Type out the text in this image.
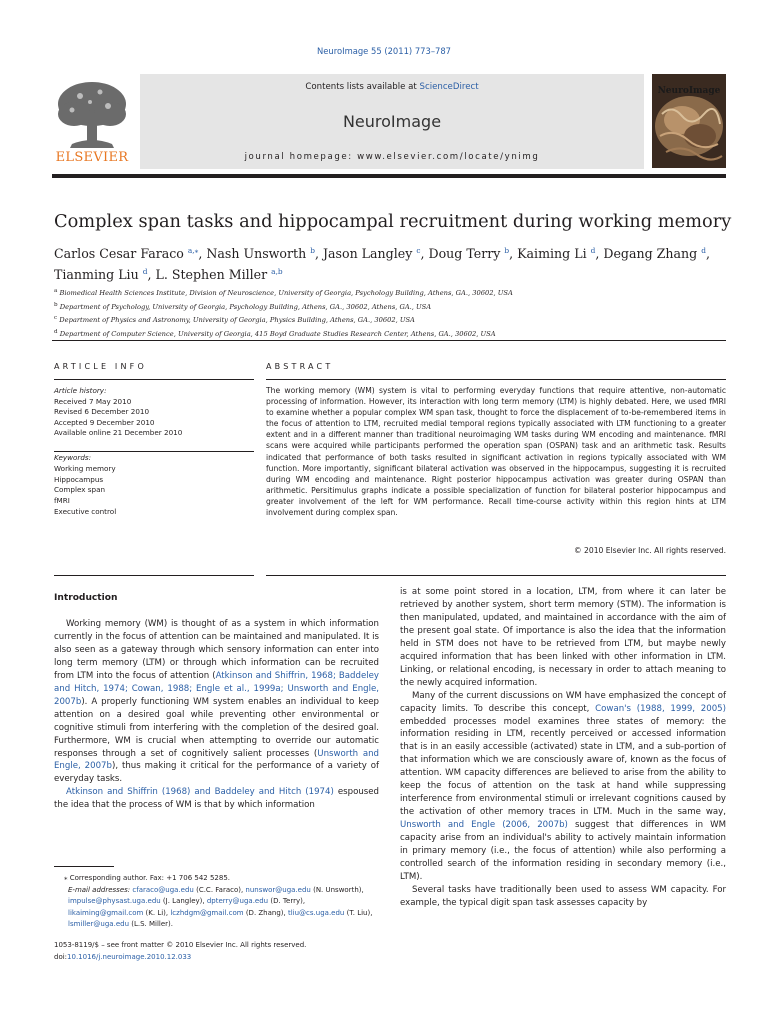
NeuroImage 55 (2011) 773–787
ELSEVIER
Contents lists available at ScienceDirect
NeuroImage
journal homepage: www.elsevier.com/locate/ynimg
NeuroImage
Complex span tasks and hippocampal recruitment during working memory
Carlos Cesar Faraco $^{a,⁎}$, Nash Unsworth $^b$, Jason Langley $^c$, Doug Terry $^b$, Kaiming Li $^d$, Degang Zhang $^d$,
Tianming Liu $^d$, L. Stephen Miller $^{a,b}$
$^a$ Biomedical Health Sciences Institute, Division of Neuroscience, University of Georgia, Psychology Building, Athens, GA., 30602, USA
$^b$ Department of Psychology, University of Georgia, Psychology Building, Athens, GA., 30602, Athens, GA., USA
$^c$ Department of Physics and Astronomy, University of Georgia, Physics Building, Athens, GA., 30602, USA
$^d$ Department of Computer Science, University of Georgia, 415 Boyd Graduate Studies Research Center, Athens, GA., 30602, USA
ARTICLE INFO	ABSTRACT
Article history:
Received 7 May 2010
Revised 6 December 2010
Accepted 9 December 2010
Available online 21 December 2010
Keywords:
Working memory
Hippocampus
Complex span
fMRI
Executive control
The working memory (WM) system is vital to performing everyday functions that require attentive, non-automatic processing of information. However, its interaction with long term memory (LTM) is highly debated. Here, we used fMRI to examine whether a popular complex WM span task, thought to force the displacement of to-be-remembered items in the focus of attention to LTM, recruited medial temporal regions typically associated with LTM functioning to a greater extent and in a different manner than traditional neuroimaging WM tasks during WM encoding and maintenance. fMRI scans were acquired while participants performed the operation span (OSPAN) task and an arithmetic task. Results indicated that performance of both tasks resulted in significant activation in regions typically associated with WM function. More importantly, significant bilateral activation was observed in the hippocampus, suggesting it is recruited during WM encoding and maintenance. Right posterior hippocampus activation was greater during OSPAN than arithmetic. Persitimulus graphs indicate a possible specialization of function for bilateral posterior hippocampus and greater involvement of the left for WM performance. Recall time-course activity within this region hints at LTM involvement during complex span.
© 2010 Elsevier Inc. All rights reserved.
Introduction

Working memory (WM) is thought of as a system in which information currently in the focus of attention can be maintained and manipulated. It is also seen as a gateway through which sensory information can enter into long term memory (LTM) or through which information can be recruited from LTM into the focus of attention (Atkinson and Shiffrin, 1968; Baddeley and Hitch, 1974; Cowan, 1988; Engle et al., 1999a; Unsworth and Engle, 2007b). A properly functioning WM system enables an individual to keep attention on a desired goal while preventing other environmental or cognitive stimuli from interfering with the completion of the desired goal. Furthermore, WM is crucial when attempting to override our automatic responses through a set of cognitively salient processes (Unsworth and Engle, 2007b), thus making it critical for the performance of a variety of everyday tasks.

Atkinson and Shiffrin (1968) and Baddeley and Hitch (1974) espoused the idea that the process of WM is that by which information

is at some point stored in a location, LTM, from where it can later be retrieved by another system, short term memory (STM). The information is then manipulated, updated, and maintained in accordance with the aim of the present goal state. Of importance is also the idea that the information held in STM does not have to be retrieved from LTM, but maybe newly acquired information that has been linked with other information in LTM. Linking, or relational encoding, is necessary in order to attach meaning to the newly acquired information.

Many of the current discussions on WM have emphasized the concept of capacity limits. To describe this concept, Cowan's (1988, 1999, 2005) embedded processes model examines three states of memory: the information residing in LTM, recently perceived or accessed information that is in an easily accessible (activated) state in LTM, and a sub-portion of that information which we are consciously aware of, known as the focus of attention. WM capacity differences are believed to arise from the ability to keep the focus of attention on the task at hand while suppressing interference from environmental stimuli or irrelevant cognitions caused by the activation of other memory traces in LTM. Much in the same way, Unsworth and Engle (2006, 2007b) suggest that differences in WM capacity arise from an individual's ability to actively maintain information in primary memory (i.e., the focus of attention) while also performing a controlled search of the information residing in secondary memory (i.e., LTM).

Several tasks have traditionally been used to assess WM capacity. For example, the typical digit span task assesses capacity by

⁎ Corresponding author. Fax: +1 706 542 5285.
E-mail addresses: cfaraco@uga.edu (C.C. Faraco), nunswor@uga.edu (N. Unsworth), impulse@physast.uga.edu (J. Langley), dpterry@uga.edu (D. Terry), likaiming@gmail.com (K. Li), lczhdgm@gmail.com (D. Zhang), tliu@cs.uga.edu (T. Liu), lsmiller@uga.edu (L.S. Miller).
1053-8119/$ – see front matter © 2010 Elsevier Inc. All rights reserved.
doi:10.1016/j.neuroimage.2010.12.033
